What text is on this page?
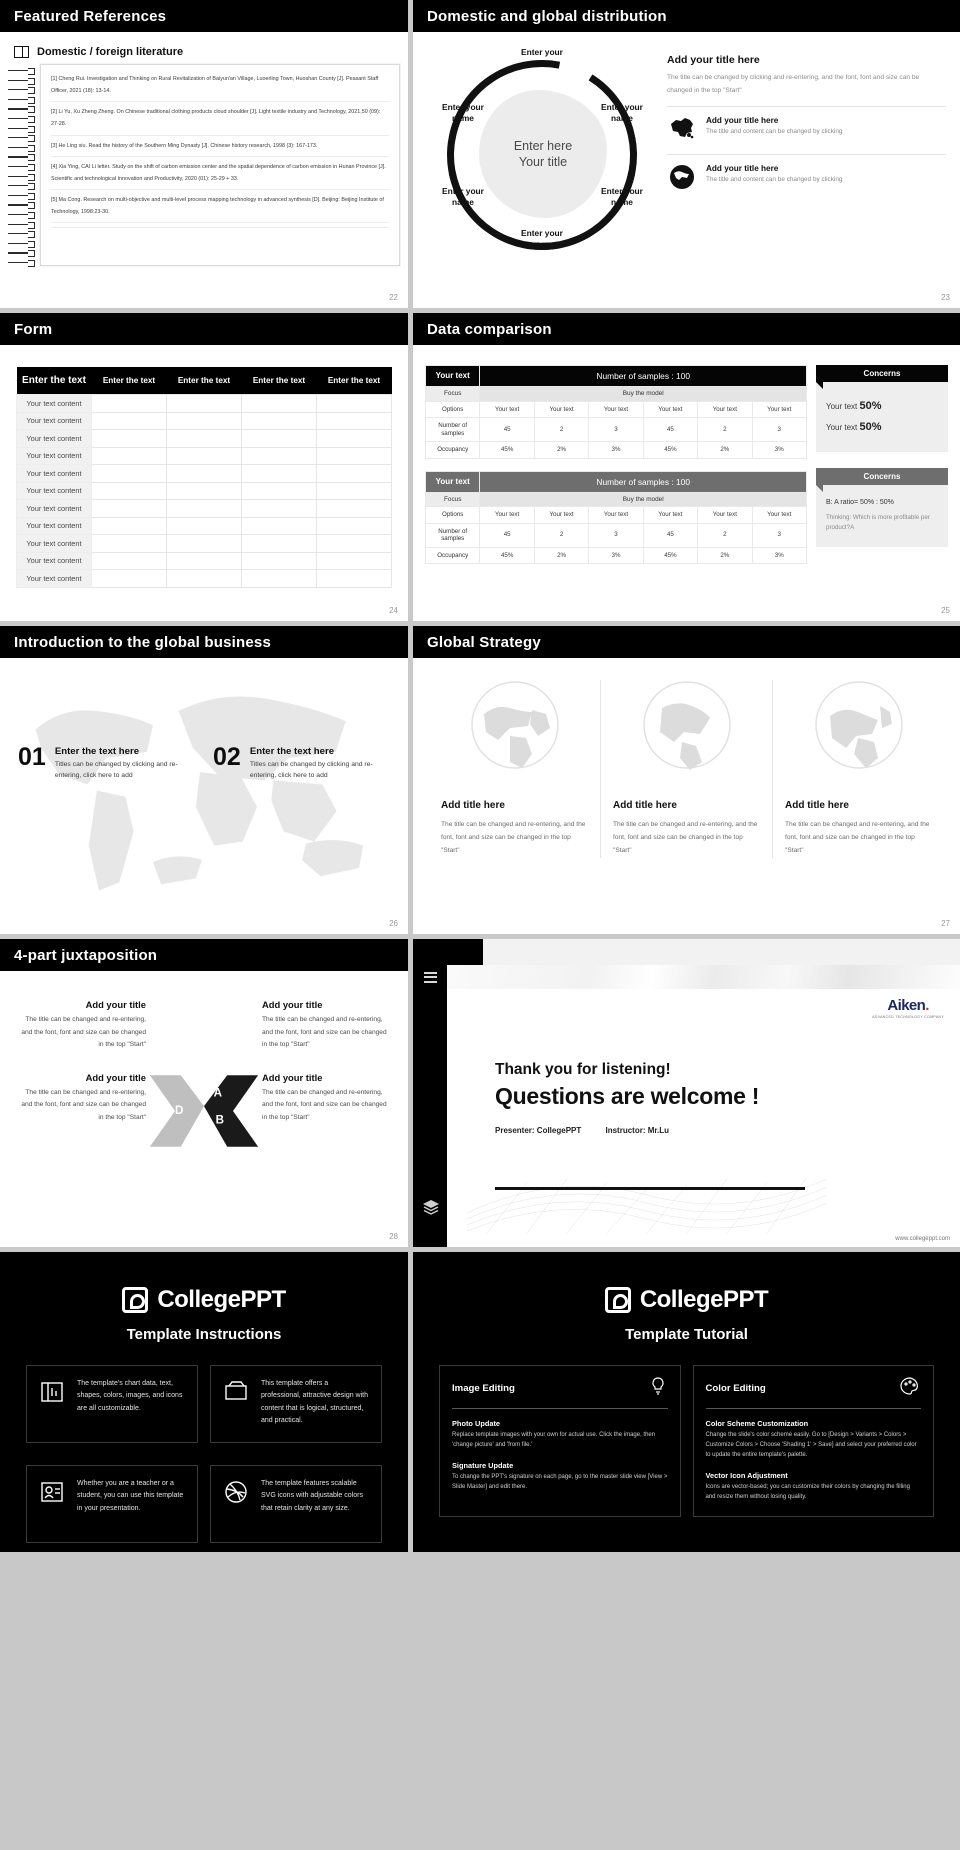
Featured References
Domestic / foreign literature

[1] Cheng Rui. Investigation and Thinking on Rural Revitalization of Baiyun'an Village, Luoerling Town, Huoshan County [J]. Peasant Staff Officer, 2021 (18): 13-14.

[2] Li Yu, Xu Zheng Zheng. On Chinese traditional clothing products cloud shoulder [J]. Light textile industry and Technology, 2021,50 (09): 27-28.

[3] He Ling xiu. Read the history of the Southern Ming Dynasty [J]. Chinese history research, 1998 (3): 167-173.

[4] Xia Ying, CAI Li letter. Study on the shift of carbon emission center and the spatial dependence of carbon emission in Hunan Province [J]. Scientific and technological Innovation and Productivity, 2020 (01): 25-29 + 33.

[5] Ma Cong. Research on multi-objective and multi-level process mapping technology in advanced synthesis [D]. Beijing: Beijing Institute of Technology, 1998:23-30.

22
Domestic and global distribution
Enter here
Your title
Enter your name
Enter your name
Enter your name
Enter your name
Enter your name
Enter your name
Add your title here
The title can be changed by clicking and re-entering, and the font, font and size can be changed in the top "Start"
Add your title here

The title and content can be changed by clicking

Add your title here

The title and content can be changed by clicking

23
Form
Enter the text	Enter the text	Enter the text	Enter the text	Enter the text
Your text content				
Your text content				
Your text content				
Your text content				
Your text content				
Your text content				
Your text content				
Your text content				
Your text content				
Your text content				
Your text content				
24
Data comparison
Your text	Number of samples : 100					
Focus	Buy the model					
Options	Your text	Your text	Your text	Your text	Your text	Your text
Number of samples	45	2	3	45	2	3
Occupancy	45%	2%	3%	45%	2%	3%
Your text	Number of samples : 100					
Focus	Buy the model					
Options	Your text	Your text	Your text	Your text	Your text	Your text
Number of samples	45	2	3	45	2	3
Occupancy	45%	2%	3%	45%	2%	3%
Concerns
Your text 50%
Your text 50%
Concerns
B: A ratio= 50% : 50%
Thinking: Which is more profitable per product?A
25
Introduction to the global business
01 Enter the text here

Titles can be changed by clicking and re-entering, click here to add

02 Enter the text here

Titles can be changed by clicking and re-entering, click here to add

26
Global Strategy
Add title here

The title can be changed and re-entering, and the font, font and size can be changed in the top "Start"

Add title here

The title can be changed and re-entering, and the font, font and size can be changed in the top "Start"

Add title here

The title can be changed and re-entering, and the font, font and size can be changed in the top "Start"

27
4-part juxtaposition
D
A
C B
Add your title

The title can be changed and re-entering, and the font, font and size can be changed in the top "Start"

Add your title

The title can be changed and re-entering, and the font, font and size can be changed in the top "Start"

Add your title

The title can be changed and re-entering, and the font, font and size can be changed in the top "Start"

Add your title

The title can be changed and re-entering, and the font, font and size can be changed in the top "Start"

28
Aiken.
ADVANCED TECHNOLOGY COMPANY
Thank you for listening!
Questions are welcome !
Presenter: CollegePPT	Instructor: Mr.Lu
www.collegeppt.com
CollegePPT
Template Instructions

The template's chart data, text, shapes, colors, images, and icons are all customizable.

This template offers a professional, attractive design with content that is logical, structured, and practical.

Whether you are a teacher or a student, you can use this template in your presentation.

The template features scalable SVG icons with adjustable colors that retain clarity at any size.

CollegePPT
Template Tutorial
Image Editing
Photo Update

Replace template images with your own for actual use. Click the image, then 'change picture' and 'from file.'

Signature Update

To change the PPT's signature on each page, go to the master slide view [View > Slide Master] and edit there.

Color Editing
Color Scheme Customization

Change the slide's color scheme easily. Go to [Design > Variants > Colors > Customize Colors > Choose 'Shading 1' > Save] and select your preferred color to update the entire template's palette.

Vector Icon Adjustment

Icons are vector-based; you can customize their colors by changing the filling and resize them without losing quality.
